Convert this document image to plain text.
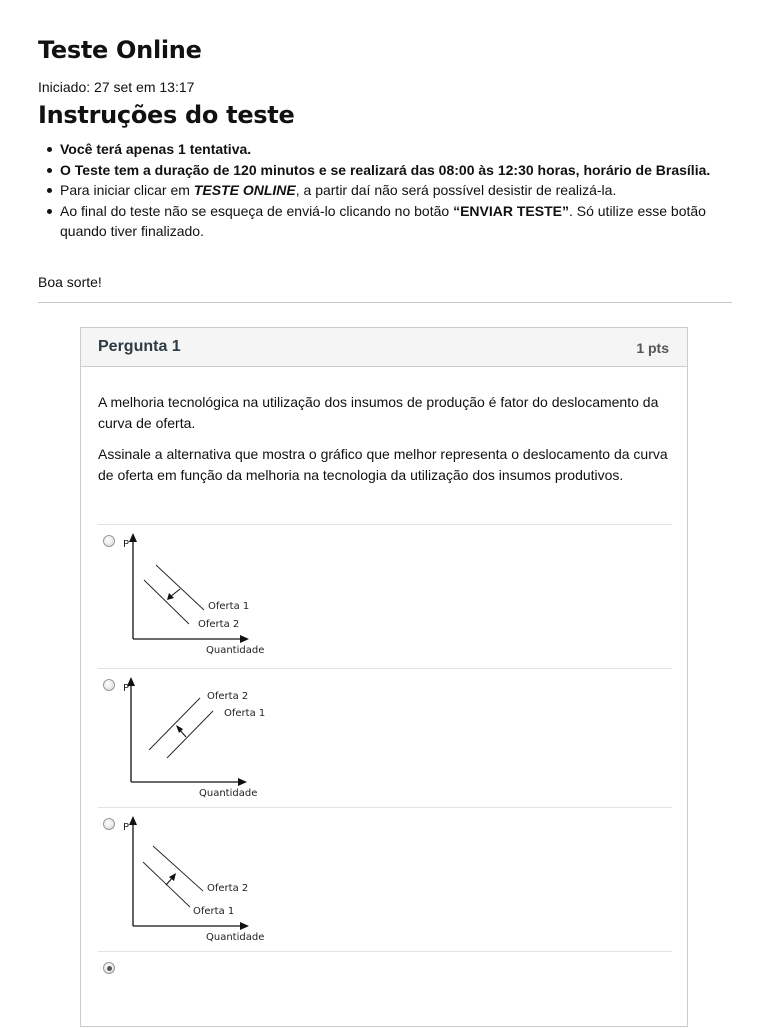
Teste Online
Iniciado: 27 set em 13:17
Instruções do teste
Você terá apenas 1 tentativa.
O Teste tem a duração de 120 minutos e se realizará das 08:00 às 12:30 horas, horário de Brasília.
Para iniciar clicar em TESTE ONLINE, a partir daí não será possível desistir de realizá-la.
Ao final do teste não se esqueça de enviá-lo clicando no botão “ENVIAR TESTE”. Só utilize esse botão quando tiver finalizado.
Boa sorte!
Pergunta 1	1 pts

A melhoria tecnológica na utilização dos insumos de produção é fator do deslocamento da curva de oferta.

Assinale a alternativa que mostra o gráfico que melhor representa o deslocamento da curva de oferta em função da melhoria na tecnologia da utilização dos insumos produtivos.

P
Quantidade
Oferta 1
Oferta 2
P
Quantidade
Oferta 2
Oferta 1
P
Quantidade
Oferta 2
Oferta 1
